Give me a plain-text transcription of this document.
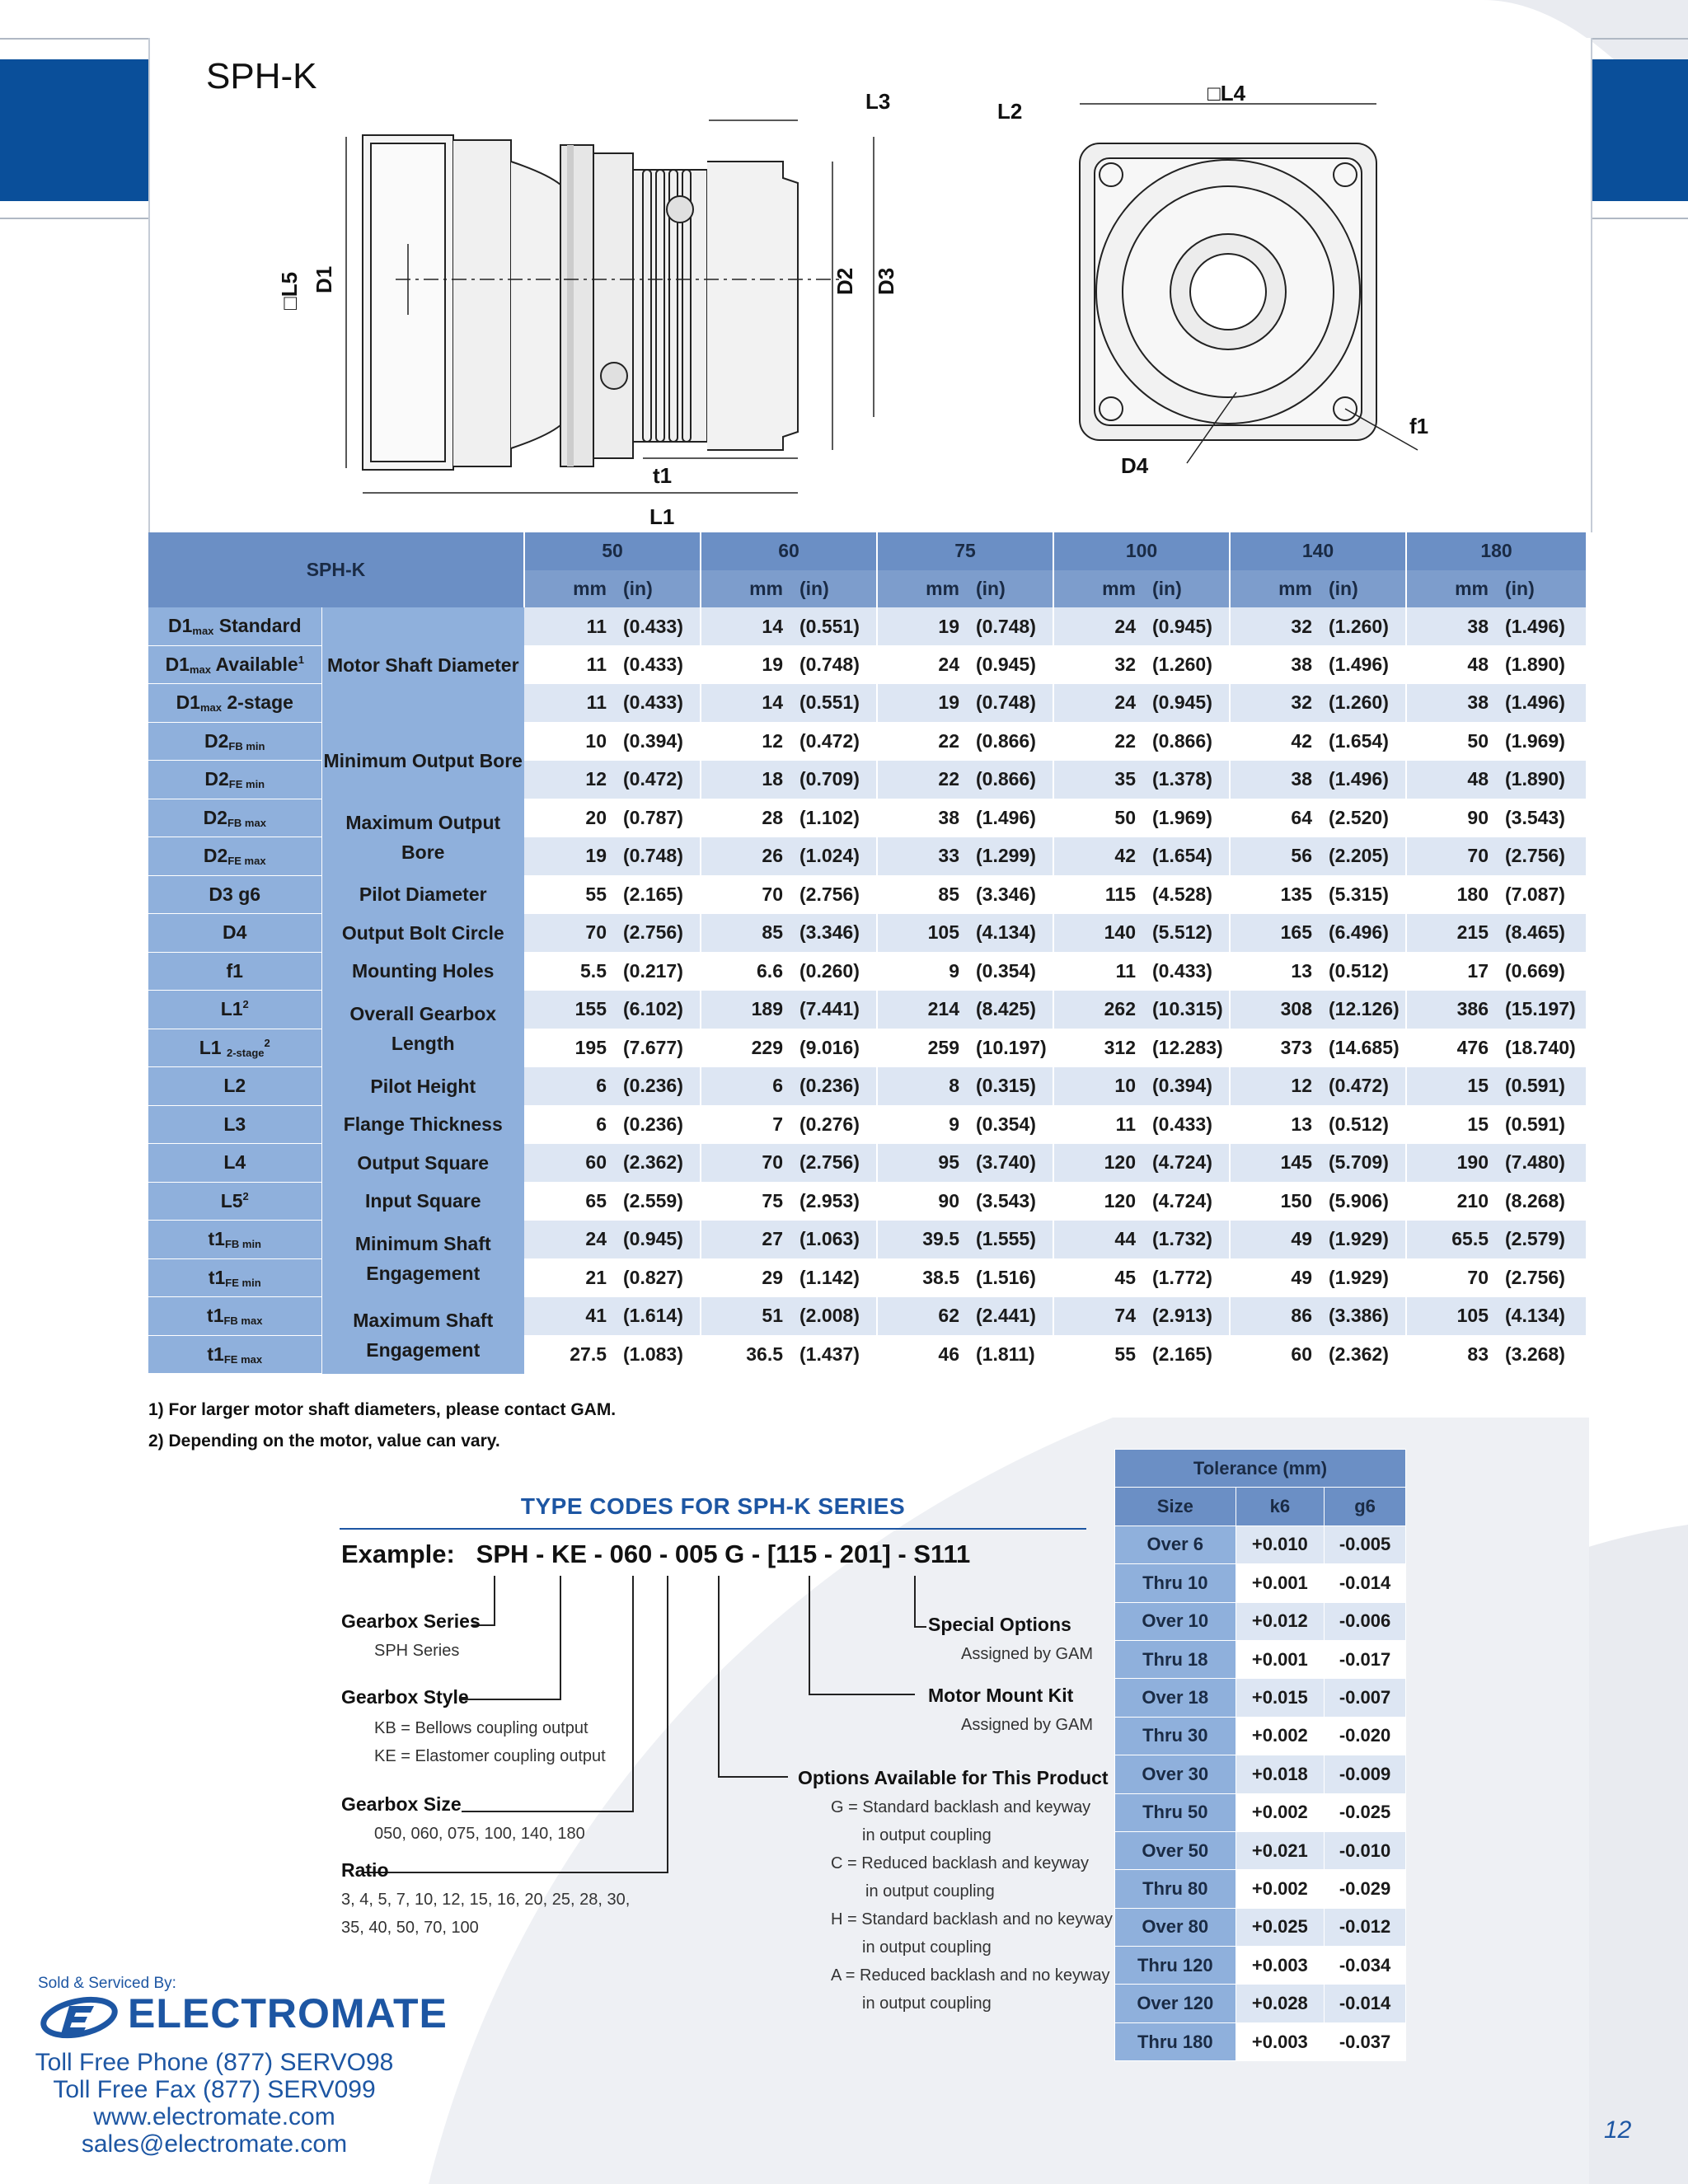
SPH-K
L3	L2
□L4
f1
D4
t1
L1
□L5 D1	D2 D3
SPH-K		50		60		75		100		140		180	
		mm	(in)	mm	(in)	mm	(in)	mm	(in)	mm	(in)	mm	(in)
D1max Standard	Motor Shaft Diameter	11	(0.433)	14	(0.551)	19	(0.748)	24	(0.945)	32	(1.260)	38	(1.496)
D1max Available$^1$		11	(0.433)	19	(0.748)	24	(0.945)	32	(1.260)	38	(1.496)	48	(1.890)
D1max 2-stage		11	(0.433)	14	(0.551)	19	(0.748)	24	(0.945)	32	(1.260)	38	(1.496)
D2FB min	Minimum Output Bore	10	(0.394)	12	(0.472)	22	(0.866)	22	(0.866)	42	(1.654)	50	(1.969)
D2FE min		12	(0.472)	18	(0.709)	22	(0.866)	35	(1.378)	38	(1.496)	48	(1.890)
D2FB max	Maximum Output Bore	20	(0.787)	28	(1.102)	38	(1.496)	50	(1.969)	64	(2.520)	90	(3.543)
D2FE max		19	(0.748)	26	(1.024)	33	(1.299)	42	(1.654)	56	(2.205)	70	(2.756)
D3 g6	Pilot Diameter	55	(2.165)	70	(2.756)	85	(3.346)	115	(4.528)	135	(5.315)	180	(7.087)
D4	Output Bolt Circle	70	(2.756)	85	(3.346)	105	(4.134)	140	(5.512)	165	(6.496)	215	(8.465)
f1	Mounting Holes	5.5	(0.217)	6.6	(0.260)	9	(0.354)	11	(0.433)	13	(0.512)	17	(0.669)
$L1^2$	Overall Gearbox Length	155	(6.102)	189	(7.441)	214	(8.425)	262	(10.315)	308	(12.126)	386	(15.197)
L1 2-stage$^2$		195	(7.677)	229	(9.016)	259	(10.197)	312	(12.283)	373	(14.685)	476	(18.740)
L2	Pilot Height	6	(0.236)	6	(0.236)	8	(0.315)	10	(0.394)	12	(0.472)	15	(0.591)
L3	Flange Thickness	6	(0.236)	7	(0.276)	9	(0.354)	11	(0.433)	13	(0.512)	15	(0.591)
L4	Output Square	60	(2.362)	70	(2.756)	95	(3.740)	120	(4.724)	145	(5.709)	190	(7.480)
$L5^2$	Input Square	65	(2.559)	75	(2.953)	90	(3.543)	120	(4.724)	150	(5.906)	210	(8.268)
t1FB min	Minimum Shaft Engagement	24	(0.945)	27	(1.063)	39.5	(1.555)	44	(1.732)	49	(1.929)	65.5	(2.579)
t1FE min		21	(0.827)	29	(1.142)	38.5	(1.516)	45	(1.772)	49	(1.929)	70	(2.756)
t1FB max	Maximum Shaft Engagement	41	(1.614)	51	(2.008)	62	(2.441)	74	(2.913)	86	(3.386)	105	(4.134)
t1FE max		27.5	(1.083)	36.5	(1.437)	46	(1.811)	55	(2.165)	60	(2.362)	83	(3.268)
1) For larger motor shaft diameters, please contact GAM.
2) Depending on the motor, value can vary.
TYPE CODES FOR SPH-K SERIES
Example:   SPH - KE - 060 - 005 G - [115 - 201] - S111
Gearbox Series
SPH Series
Gearbox Style
KB = Bellows coupling output
KE = Elastomer coupling output
Gearbox Size
050, 060, 075, 100, 140, 180
Ratio
3, 4, 5, 7, 10, 12, 15, 16, 20, 25, 28, 30,
35, 40, 50, 70, 100
Special Options
Assigned by GAM
Motor Mount Kit
Assigned by GAM
Options Available for This Product
G = Standard backlash and keyway
in output coupling
C = Reduced backlash and keyway
in output coupling
H = Standard backlash and no keyway
in output coupling
A = Reduced backlash and no keyway
in output coupling
Tolerance (mm)		
Size	k6	g6
Over 6	+0.010	-0.005
Thru 10	+0.001	-0.014
Over 10	+0.012	-0.006
Thru 18	+0.001	-0.017
Over 18	+0.015	-0.007
Thru 30	+0.002	-0.020
Over 30	+0.018	-0.009
Thru 50	+0.002	-0.025
Over 50	+0.021	-0.010
Thru 80	+0.002	-0.029
Over 80	+0.025	-0.012
Thru 120	+0.003	-0.034
Over 120	+0.028	-0.014
Thru 180	+0.003	-0.037
Sold & Serviced By:
ELECTROMATE
Toll Free Phone (877) SERVO98
Toll Free Fax (877) SERV099
www.electromate.com
sales@electromate.com
12
